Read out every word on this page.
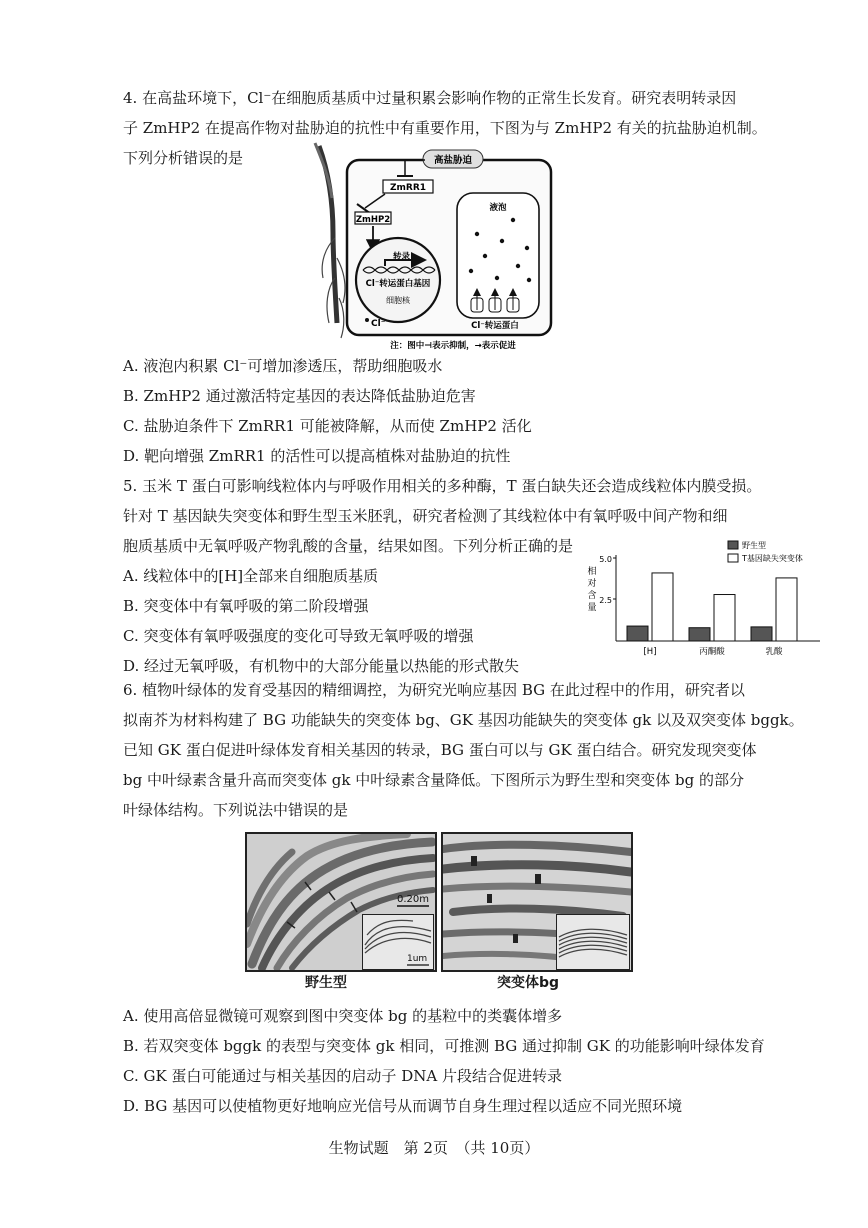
4. 在高盐环境下，Cl⁻在细胞质基质中过量积累会影响作物的正常生长发育。研究表明转录因
子 ZmHP2 在提高作物对盐胁迫的抗性中有重要作用，下图为与 ZmHP2 有关的抗盐胁迫机制。
下列分析错误的是	高盐胁迫
ZmRR1
ZmHP2
转录
Cl⁻转运蛋白基因
细胞核
Cl⁻
液泡
Cl⁻转运蛋白
注：图中⊣表示抑制，→表示促进
A. 液泡内积累 Cl⁻可增加渗透压，帮助细胞吸水
B. ZmHP2 通过激活特定基因的表达降低盐胁迫危害
C. 盐胁迫条件下 ZmRR1 可能被降解，从而使 ZmHP2 活化
D. 靶向增强 ZmRR1 的活性可以提高植株对盐胁迫的抗性
5. 玉米 T 蛋白可影响线粒体内与呼吸作用相关的多种酶，T 蛋白缺失还会造成线粒体内膜受损。
针对 T 基因缺失突变体和野生型玉米胚乳，研究者检测了其线粒体中有氧呼吸中间产物和细
胞质基质中无氧呼吸产物乳酸的含量，结果如图。下列分析正确的是
A. 线粒体中的[H]全部来自细胞质基质
B. 突变体中有氧呼吸的第二阶段增强
C. 突变体有氧呼吸强度的变化可导致无氧呼吸的增强
D. 经过无氧呼吸，有机物中的大部分能量以热能的形式散失
5.0
2.5
相
对
含
量
[H]	丙酮酸	乳酸
野生型
T基因缺失突变体
6. 植物叶绿体的发育受基因的精细调控，为研究光响应基因 BG 在此过程中的作用，研究者以
拟南芥为材料构建了 BG 功能缺失的突变体 bg、GK 基因功能缺失的突变体 gk 以及双突变体 bggk。
已知 GK 蛋白促进叶绿体发育相关基因的转录，BG 蛋白可以与 GK 蛋白结合。研究发现突变体
bg 中叶绿素含量升高而突变体 gk 中叶绿素含量降低。下图所示为野生型和突变体 bg 的部分
叶绿体结构。下列说法中错误的是
0.20m
1um
野生型	突变体bg
A. 使用高倍显微镜可观察到图中突变体 bg 的基粒中的类囊体增多
B. 若双突变体 bggk 的表型与突变体 gk 相同，可推测 BG 通过抑制 GK 的功能影响叶绿体发育
C. GK 蛋白可能通过与相关基因的启动子 DNA 片段结合促进转录
D. BG 基因可以使植物更好地响应光信号从而调节自身生理过程以适应不同光照环境
生物试题　第 2页　（共 10页）
